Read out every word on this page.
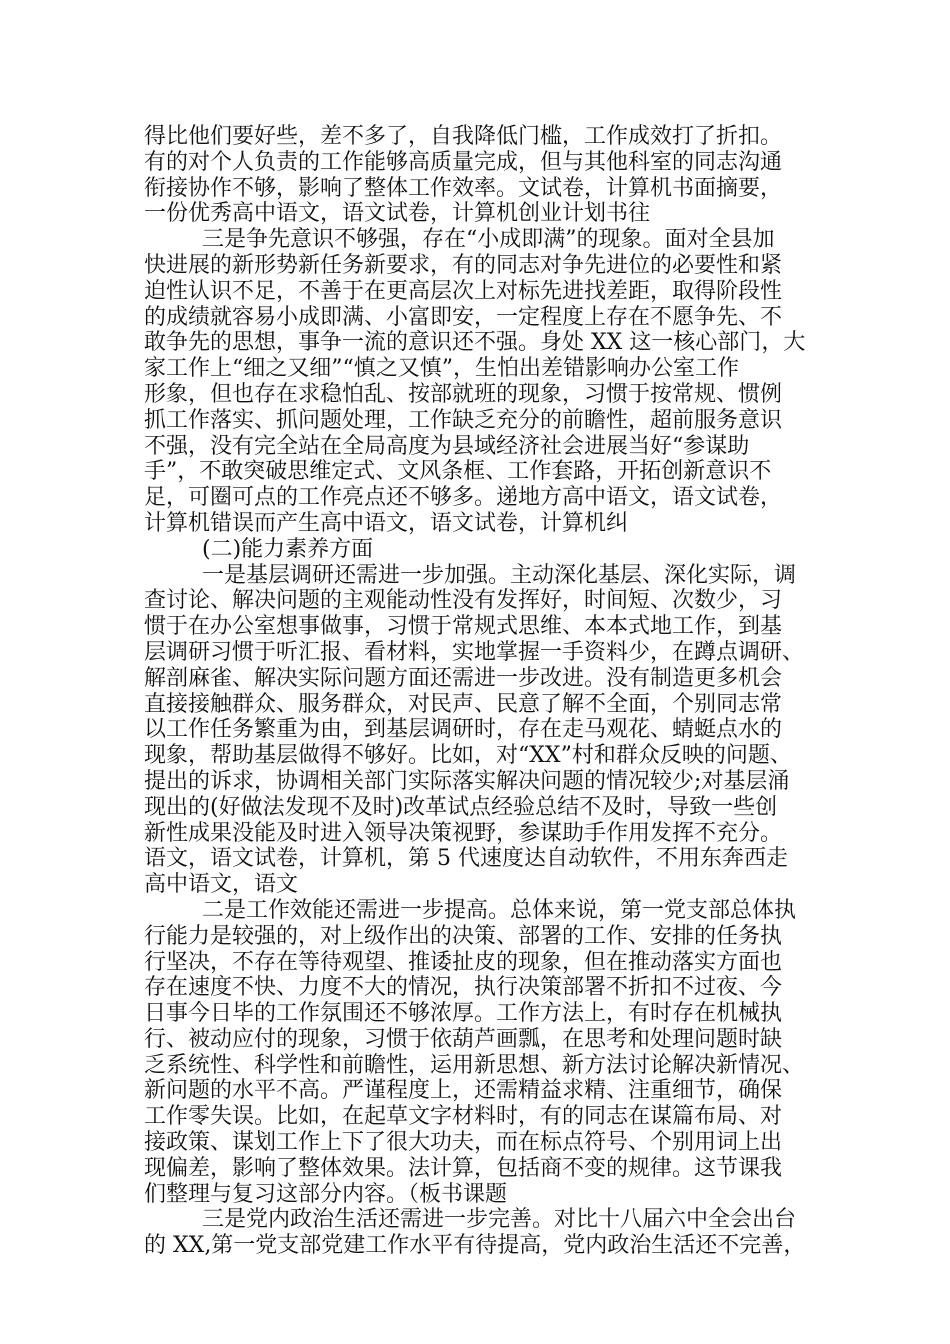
得比他们要好些，差不多了，自我降低门槛，工作成效打了折扣。
有的对个人负责的工作能够高质量完成，但与其他科室的同志沟通
衔接协作不够，影响了整体工作效率。文试卷，计算机书面摘要，
一份优秀高中语文，语文试卷，计算机创业计划书往
三是争先意识不够强，存在“小成即满”的现象。面对全县加
快进展的新形势新任务新要求，有的同志对争先进位的必要性和紧
迫性认识不足，不善于在更高层次上对标先进找差距，取得阶段性
的成绩就容易小成即满、小富即安，一定程度上存在不愿争先、不
敢争先的思想，事争一流的意识还不强。身处 XX 这一核心部门，大
家工作上“细之又细”“慎之又慎”，生怕出差错影响办公室工作
形象，但也存在求稳怕乱、按部就班的现象，习惯于按常规、惯例
抓工作落实、抓问题处理，工作缺乏充分的前瞻性，超前服务意识
不强，没有完全站在全局高度为县域经济社会进展当好“参谋助
手”，不敢突破思维定式、文风条框、工作套路，开拓创新意识不
足，可圈可点的工作亮点还不够多。递地方高中语文，语文试卷，
计算机错误而产生高中语文，语文试卷，计算机纠
(二)能力素养方面
一是基层调研还需进一步加强。主动深化基层、深化实际，调
查讨论、解决问题的主观能动性没有发挥好，时间短、次数少，习
惯于在办公室想事做事，习惯于常规式思维、本本式地工作，到基
层调研习惯于听汇报、看材料，实地掌握一手资料少，在蹲点调研、
解剖麻雀、解决实际问题方面还需进一步改进。没有制造更多机会
直接接触群众、服务群众，对民声、民意了解不全面，个别同志常
以工作任务繁重为由，到基层调研时，存在走马观花、蜻蜓点水的
现象，帮助基层做得不够好。比如，对“XX”村和群众反映的问题、
提出的诉求，协调相关部门实际落实解决问题的情况较少;对基层涌
现出的(好做法发现不及时)改革试点经验总结不及时，导致一些创
新性成果没能及时进入领导决策视野，参谋助手作用发挥不充分。
语文，语文试卷，计算机，第 5 代速度达自动软件，不用东奔西走
高中语文，语文
二是工作效能还需进一步提高。总体来说，第一党支部总体执
行能力是较强的，对上级作出的决策、部署的工作、安排的任务执
行坚决，不存在等待观望、推诿扯皮的现象，但在推动落实方面也
存在速度不快、力度不大的情况，执行决策部署不折扣不过夜、今
日事今日毕的工作氛围还不够浓厚。工作方法上，有时存在机械执
行、被动应付的现象，习惯于依葫芦画瓢，在思考和处理问题时缺
乏系统性、科学性和前瞻性，运用新思想、新方法讨论解决新情况、
新问题的水平不高。严谨程度上，还需精益求精、注重细节，确保
工作零失误。比如，在起草文字材料时，有的同志在谋篇布局、对
接政策、谋划工作上下了很大功夫，而在标点符号、个别用词上出
现偏差，影响了整体效果。法计算，包括商不变的规律。这节课我
们整理与复习这部分内容。（板书课题
三是党内政治生活还需进一步完善。对比十八届六中全会出台
的 XX,第一党支部党建工作水平有待提高，党内政治生活还不完善，
